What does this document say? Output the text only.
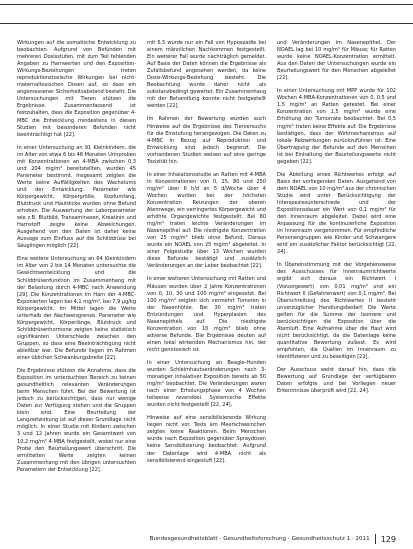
Wirkungen auf die somatische Entwicklung zu beobachten. Aufgrund von Befunden mit mehreren Dosisstufen, mit zum Teil fehlenden Angaben zu Harnwerten und den Exposition-Wirkungs-Beziehungen treten reproduktionstoxische Wirkungen bei nicht-maternaltoxischen Dosen auf, so dass ein angemessener Sicherheitsabstand besteht. Die Untersuchungen mit Tieren stützen die Ergebnisse. Zusammenfassend ist festzuhalten, dass die Exposition gegenüber 4-MBC die Entwicklung mindestens in diesen Studien mit besonderen Befunden nicht beeinträchtigt hat [22].

In einer Untersuchung an 91 Kleinkindern, die im Alter von etwa 6 bis 48 Monaten Urinproben mit Konzentrationen an 4-MBA zwischen 0,3 und 204 mg/m³ bereitstellten, wurden 45 Parameter bestimmt. Insgesamt zeigten die Werte keine Auffälligkeiten des Wachstums und der Entwicklung. Parameter wie Körpergewicht, Körpergröße, Kopfumfang, Blutdruck und Hautdicke wurden ohne Befund erhoben. Die Auswertung der Laborparameter wie z.B. Blutbild, Transaminasen, Kreatinin und Harnstoff zeigte keine Abweichungen. Ausgehend von den Daten ist daher keine Aussage zum Einfluss auf die Schilddrüse bei Säuglingen möglich [22].

Eine weitere Untersuchung an 64 Kleinkindern im Alter von 2 bis 14 Monaten untersuchte die Gewichtsentwicklung und die Schilddrüsenfunktion im Zusammenhang mit der Belastung durch 4-MBC nach Anwendung [29]. Die Konzentrationen im Harn der 4-MBC-Exponierten lagen bei 4,1 mg/m³, bei 7,9 µg/kg Körpergewicht. Im Mittel lagen die Werte unterhalb der Nachweisgrenze. Parameter wie Körpergewicht, Körperlänge, Blutdruck und Schilddrüsenhormone zeigten keine statistisch signifikanten Unterschiede zwischen den Gruppen, so dass eine Beeinträchtigung nicht ableitbar war. Die Befunde liegen im Rahmen einer üblichen Schwankungsbreite [22].

Die Ergebnisse stützen die Annahme, dass die Exposition im untersuchten Bereich zu keinen gesundheitlich relevanten Veränderungen beim Menschen führt. Bei der Bewertung ist jedoch zu berücksichtigen, dass nur wenige Daten zur Verfügung stehen und die Gruppen klein sind. Eine Beurteilung der Langzeitwirkung ist auf dieser Grundlage nicht möglich. In einer Studie mit Kindern zwischen 3 und 12 Jahren wurde ein Gesamtwert von 10,2 mg/m³ 4-MBA festgestellt, wobei nur eine Probe den Beurteilungswert überschritt. Die ermittelten Werte zeigten keinen Zusammenhang mit den übrigen untersuchten Parametern der Entwicklung [22].

mit 6,5 wurde nur ein Fall von Hypospadie bei einem männlichen Nachkommen festgestellt. Ein weiterer Fall wurde nachträglich gemeldet. Auf Basis der Daten können die Ergebnisse als Zufallsbefund angesehen werden, da keine Dosis-Wirkungs-Beziehung besteht. Die Beobachtung wurde daher nicht als substanzbedingt gewertet. Ein Zusammenhang mit der Behandlung konnte nicht festgestellt werden [22].

Im Rahmen der Bewertung wurden auch Hinweise auf die Ergebnisse des Tierversuchs für die Einstufung herangezogen. Die Daten zu 4-MBC in Bezug auf Reproduktion und Entwicklung sind jedoch begrenzt. Die vorhandenen Studien weisen auf eine geringe Toxizität hin.

In einer Inhalationsstudie an Ratten mit 4-MBA in Konzentrationen von 0, 25, 80 und 250 mg/m³ über 6 h/d an 5 d/Woche über 4 Wochen wurden bei der höchsten Konzentration Reizungen der oberen Atemwege, ein verringertes Körpergewicht und erhöhte Organgewichte festgestellt. Bei 80 mg/m³ traten leichte Veränderungen im Nasenepithel auf. Die niedrigste Konzentration von 25 mg/m³ blieb ohne Befund. Daraus wurde ein NOAEL von 25 mg/m³ abgeleitet. In einer Folgestudie über 13 Wochen wurden diese Befunde bestätigt und zusätzlich Veränderungen an der Leber beobachtet [22].

In einer weiteren Untersuchung mit Ratten und Mäusen wurden über 2 Jahre Konzentrationen von 0, 10, 30 und 100 mg/m³ eingesetzt. Bei 100 mg/m³ zeigten sich vermehrt Tumoren in der Nasenhöhle. Bei 30 mg/m³ traten Entzündungen und Hyperplasien des Nasenepithels auf. Die niedrigste Konzentration von 10 mg/m³ blieb ohne adverse Befunde. Die Ergebnisse deuten auf einen lokal wirkenden Mechanismus hin, der nicht genotoxisch ist.

In einer Untersuchung an Beagle-Hunden wurden Schleimhautveränderungen nach 3-monatiger inhalativer Exposition bereits ab 50 mg/m³ beobachtet. Die Veränderungen waren nach einer Erholungsphase von 4 Wochen teilweise reversibel. Systemische Effekte wurden nicht festgestellt [22, 24].

Hinweise auf eine sensibilisierende Wirkung liegen nicht vor. Tests am Meerschweinchen zeigten keine Reaktionen. Beim Menschen wurde nach Exposition gegenüber Spraydosen keine Sensibilisierung beobachtet. Aufgrund der Datenlage wird 4-MBA nicht als sensibilisierend eingestuft [22].

und Veränderungen im Nasenepithel. Der NOAEL lag bei 10 mg/m³ für Mäuse; für Ratten wurde keine NOAEL-Konzentration ermittelt. Aus den Daten der Untersuchungen wurde ein Beurteilungswert für den Menschen abgeleitet [22].

In einer Untersuchung mit MPP wurde für 102 Wochen 4-MBA-Konzentrationen von 0, 0,5 und 1,5 mg/m³ an Ratten getestet. Bei einer Konzentration von 1,5 mg/m³ wurde eine Erhöhung der Tumorrate beobachtet. Bei 0,5 mg/m³ traten keine Effekte auf. Die Ergebnisse bestätigen, dass der Wirkmechanismus auf lokale Reizwirkungen zurückzuführen ist. Eine Übertragung der Befunde auf den Menschen ist bei Einhaltung der Beurteilungswerte nicht gegeben [22].

Die Ableitung eines Richtwertes erfolgt auf Basis der vorliegenden Daten. Ausgehend von dem NOAEL von 10 mg/m³ aus der chronischen Studie wird unter Berücksichtigung der Interspeziesunterschiede und der Expositionsdauer ein Wert von 0,1 mg/m³ für den Innenraum abgeleitet. Dabei wird eine Anpassung für die kontinuierliche Exposition im Innenraum vorgenommen. Für empfindliche Personengruppen wie Kinder und Schwangere wird ein zusätzlicher Faktor berücksichtigt [22, 24].

In Übereinstimmung mit der Vorgehensweise des Ausschusses für Innenraumrichtwerte ergibt sich daraus ein Richtwert I (Vorsorgewert) von 0,01 mg/m³ und ein Richtwert II (Gefahrenwert) von 0,1 mg/m³. Bei Überschreitung des Richtwertes II besteht unverzüglicher Handlungsbedarf. Die Werte gelten für die Summe der Isomere und berücksichtigen die Exposition über die Atemluft. Eine Aufnahme über die Haut wird nicht berücksichtigt, da die Datenlage keine quantitative Bewertung zulässt. Es wird empfohlen, die Quellen im Innenraum zu identifizieren und zu beseitigen [22].

Der Ausschuss weist darauf hin, dass die Bewertung auf Grundlage der verfügbaren Daten erfolgte und bei Vorliegen neuer Erkenntnisse überprüft wird [22, 24].

Bundesgesundheitsblatt - Gesundheitsforschung - Gesundheitsschutz 1 · 2011 129
